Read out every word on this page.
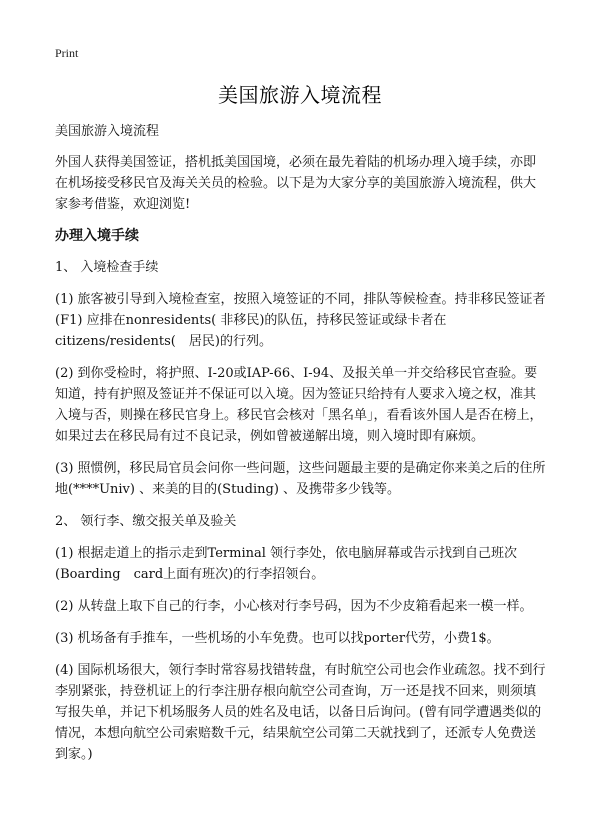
Print
美国旅游入境流程

美国旅游入境流程

外国人获得美国签证，搭机抵美国国境，必须在最先着陆的机场办理入境手续，亦即在机场接受移民官及海关关员的检验。以下是为大家分享的美国旅游入境流程，供大家参考借鉴，欢迎浏览!

办理入境手续

1、 入境检查手续

(1) 旅客被引导到入境检查室，按照入境签证的不同，排队等候检查。持非移民签证者(F1) 应排在nonresidents( 非移民)的队伍，持移民签证或绿卡者在citizens/residents(　居民)的行列。

(2) 到你受检时，将护照、I-20或IAP-66、I-94、及报关单一并交给移民官查验。要知道，持有护照及签证并不保证可以入境。因为签证只给持有人要求入境之权，准其入境与否，则操在移民官身上。移民官会核对「黑名单」，看看该外国人是否在榜上，如果过去在移民局有过不良记录，例如曾被递解出境，则入境时即有麻烦。

(3) 照惯例，移民局官员会问你一些问题，这些问题最主要的是确定你来美之后的住所地(****Univ) 、来美的目的(Studing) 、及携带多少钱等。

2、 领行李、缴交报关单及验关

(1) 根据走道上的指示走到Terminal 领行李处，依电脑屏幕或告示找到自己班次(Boarding　card上面有班次)的行李招领台。

(2) 从转盘上取下自己的行李，小心核对行李号码，因为不少皮箱看起来一模一样。

(3) 机场备有手推车，一些机场的小车免费。也可以找porter代劳，小费1$。

(4) 国际机场很大，领行李时常容易找错转盘，有时航空公司也会作业疏忽。找不到行李别紧张，持登机证上的行李注册存根向航空公司查询，万一还是找不回来，则须填写报失单，并记下机场服务人员的姓名及电话，以备日后询问。(曾有同学遭遇类似的情况，本想向航空公司索赔数千元，结果航空公司第二天就找到了，还派专人免费送到家。)
